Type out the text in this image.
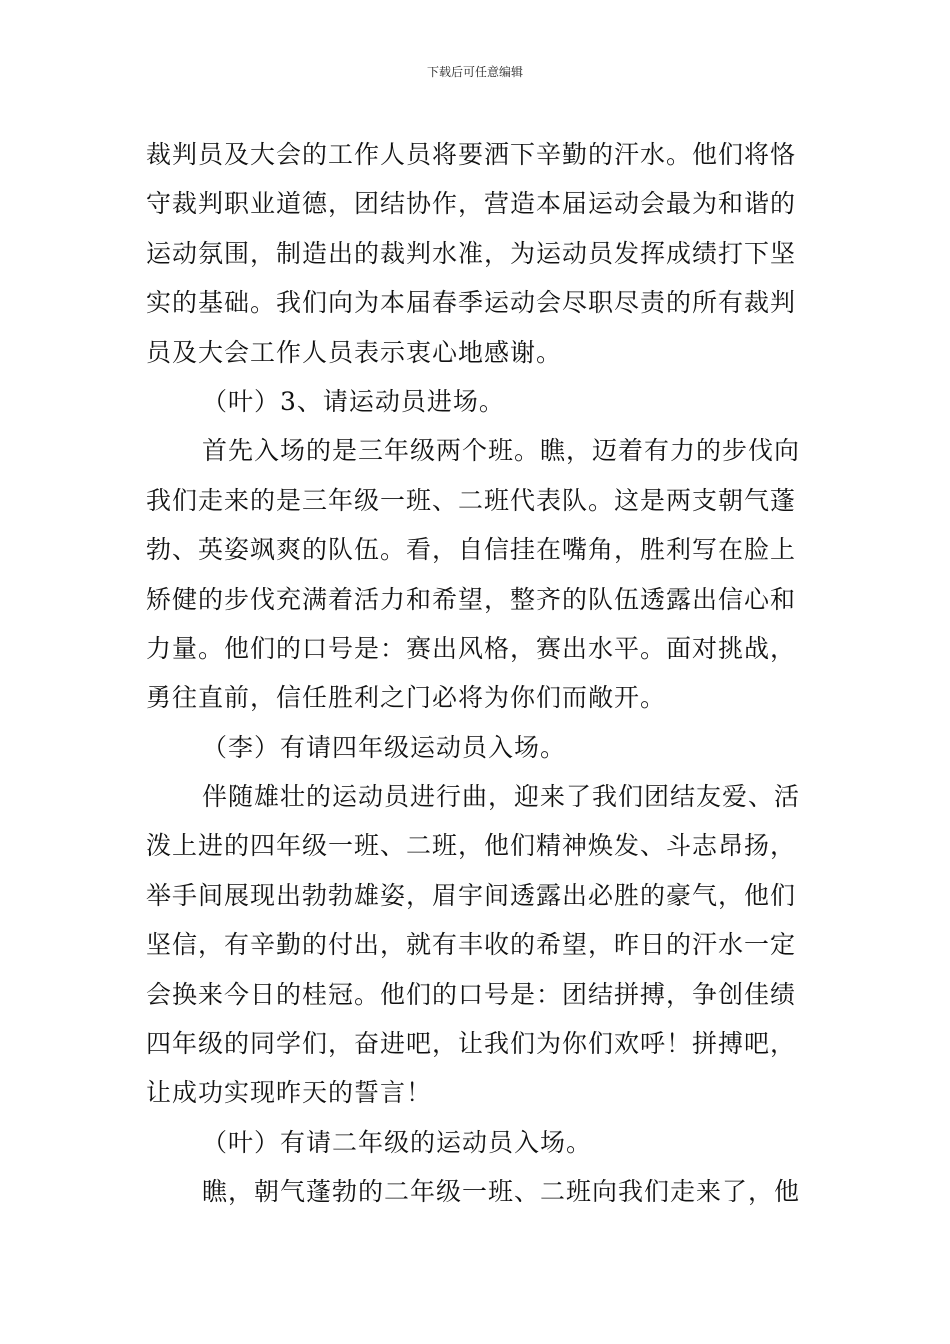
下载后可任意编辑
裁判员及大会的工作人员将要洒下辛勤的汗水。他们将恪
守裁判职业道德，团结协作，营造本届运动会最为和谐的
运动氛围，制造出的裁判水准，为运动员发挥成绩打下坚
实的基础。我们向为本届春季运动会尽职尽责的所有裁判
员及大会工作人员表示衷心地感谢。
（叶）3、请运动员进场。
首先入场的是三年级两个班。瞧，迈着有力的步伐向
我们走来的是三年级一班、二班代表队。这是两支朝气蓬
勃、英姿飒爽的队伍。看，自信挂在嘴角，胜利写在脸上
矫健的步伐充满着活力和希望，整齐的队伍透露出信心和
力量。他们的口号是：赛出风格，赛出水平。面对挑战，
勇往直前，信任胜利之门必将为你们而敞开。
（李）有请四年级运动员入场。
伴随雄壮的运动员进行曲，迎来了我们团结友爱、活
泼上进的四年级一班、二班，他们精神焕发、斗志昂扬，
举手间展现出勃勃雄姿，眉宇间透露出必胜的豪气，他们
坚信，有辛勤的付出，就有丰收的希望，昨日的汗水一定
会换来今日的桂冠。他们的口号是：团结拼搏，争创佳绩
四年级的同学们，奋进吧，让我们为你们欢呼！拼搏吧，
让成功实现昨天的誓言！
（叶）有请二年级的运动员入场。
瞧，朝气蓬勃的二年级一班、二班向我们走来了，他
